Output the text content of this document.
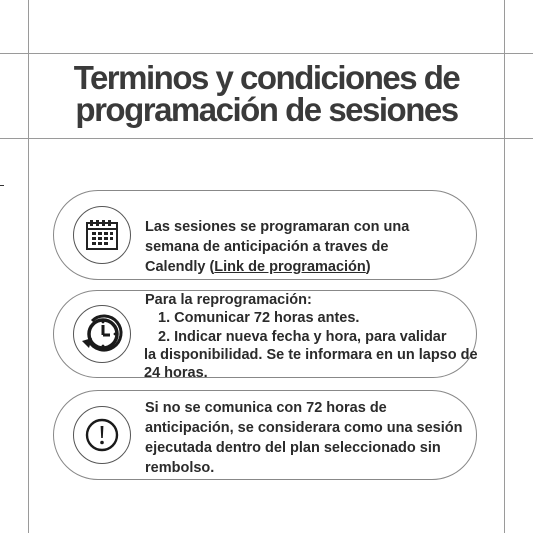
Terminos y condiciones de
programación de sesiones
Las sesiones se programaran con una
semana de anticipación a traves de
Calendly (Link de programación)
Para la reprogramación:
1. Comunicar 72 horas antes.
2. Indicar nueva fecha y hora, para validar
la disponibilidad. Se te informara en un lapso de
24 horas.
Si no se comunica con 72 horas de
anticipación, se considerara como una sesión
ejecutada dentro del plan seleccionado sin
rembolso.
